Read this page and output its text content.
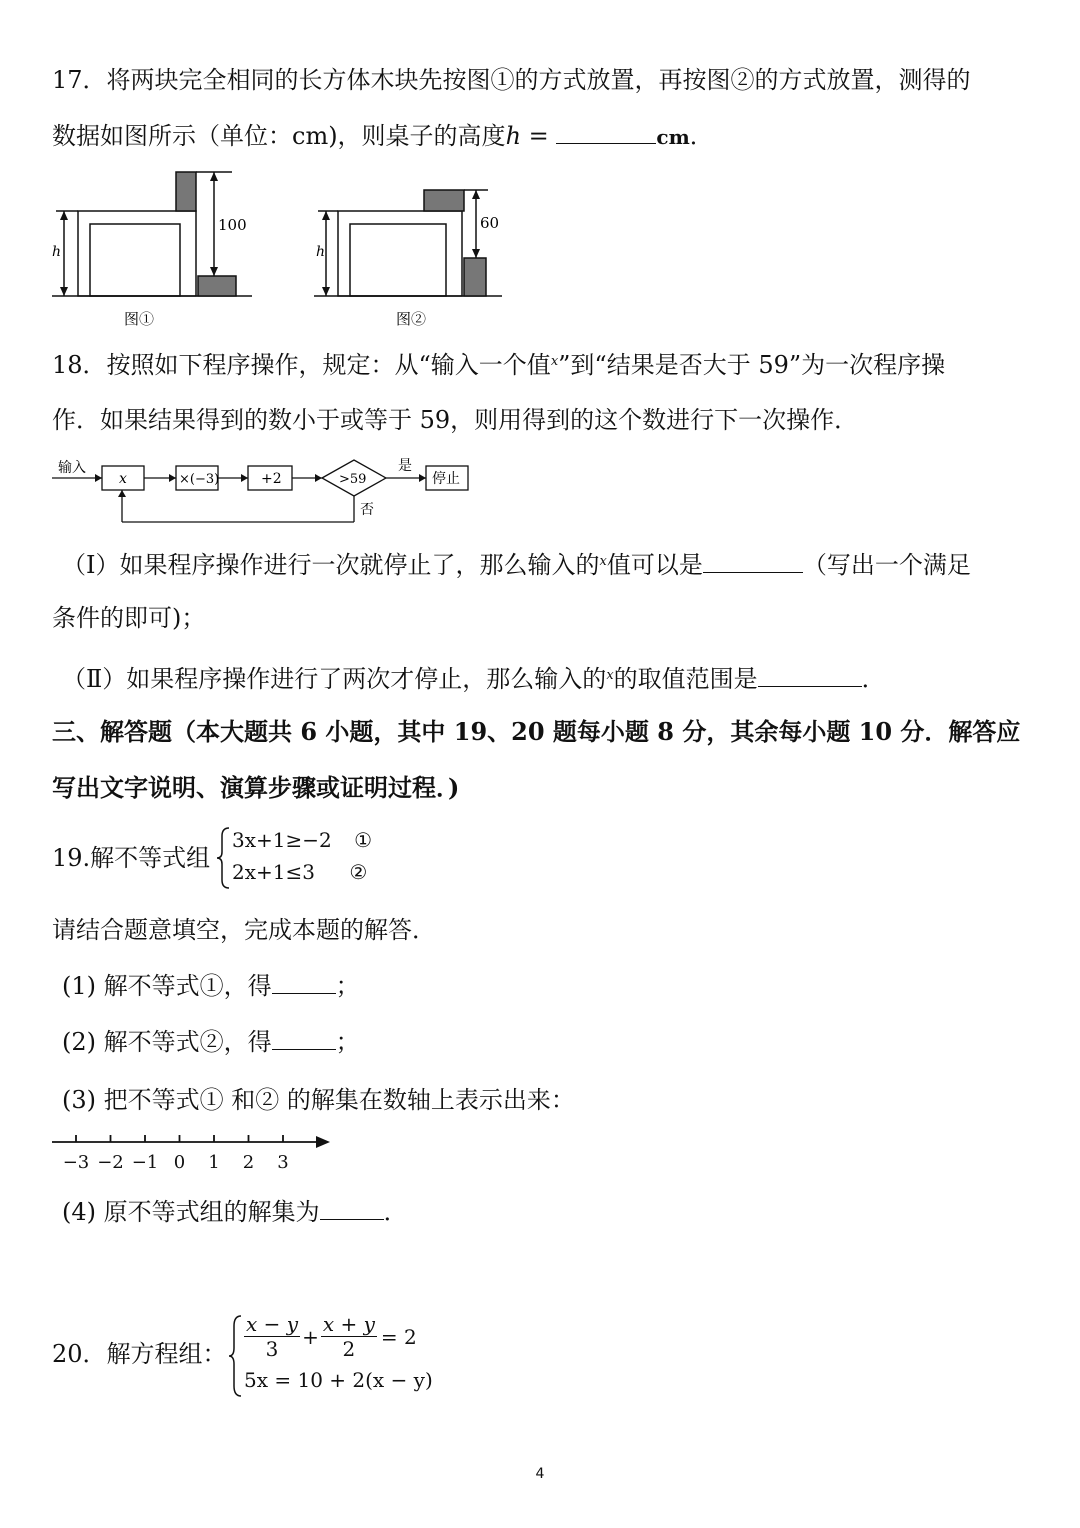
17．将两块完全相同的长方体木块先按图①的方式放置，再按图②的方式放置，测得的
数据如图所示（单位：cm)，则桌子的高度h =	cm．
100
h
图①
60
h
图②
18．按照如下程序操作，规定：从“输入一个值$^x$”到“结果是否大于 59”为一次程序操
作．如果结果得到的数小于或等于 59，则用得到的这个数进行下一次操作．
输入
x	×(−3)	+2	>59
是
停止
否
（Ⅰ）如果程序操作进行一次就停止了，那么输入的$^x$值可以是	（写出一个满足
条件的即可)；
（Ⅱ）如果程序操作进行了两次才停止，那么输入的$^x$的取值范围是	．
三、解答题（本大题共 6 小题，其中 19、20 题每小题 8 分，其余每小题 10 分．解答应
写出文字说明、演算步骤或证明过程．)
19.解不等式组
3x+1≥−2 ①
2x+1≤3 ②
请结合题意填空，完成本题的解答．
(1) 解不等式①，得	；
(2) 解不等式②，得	；
(3) 把不等式① 和② 的解集在数轴上表示出来：
−3 −2 −1 0 1 2 3
(4) 原不等式组的解集为	．
20．解方程组： $\frac{x - y}{3} + \frac{x + y}{2} = 2$
5x = 10 + 2(x − y)
4
